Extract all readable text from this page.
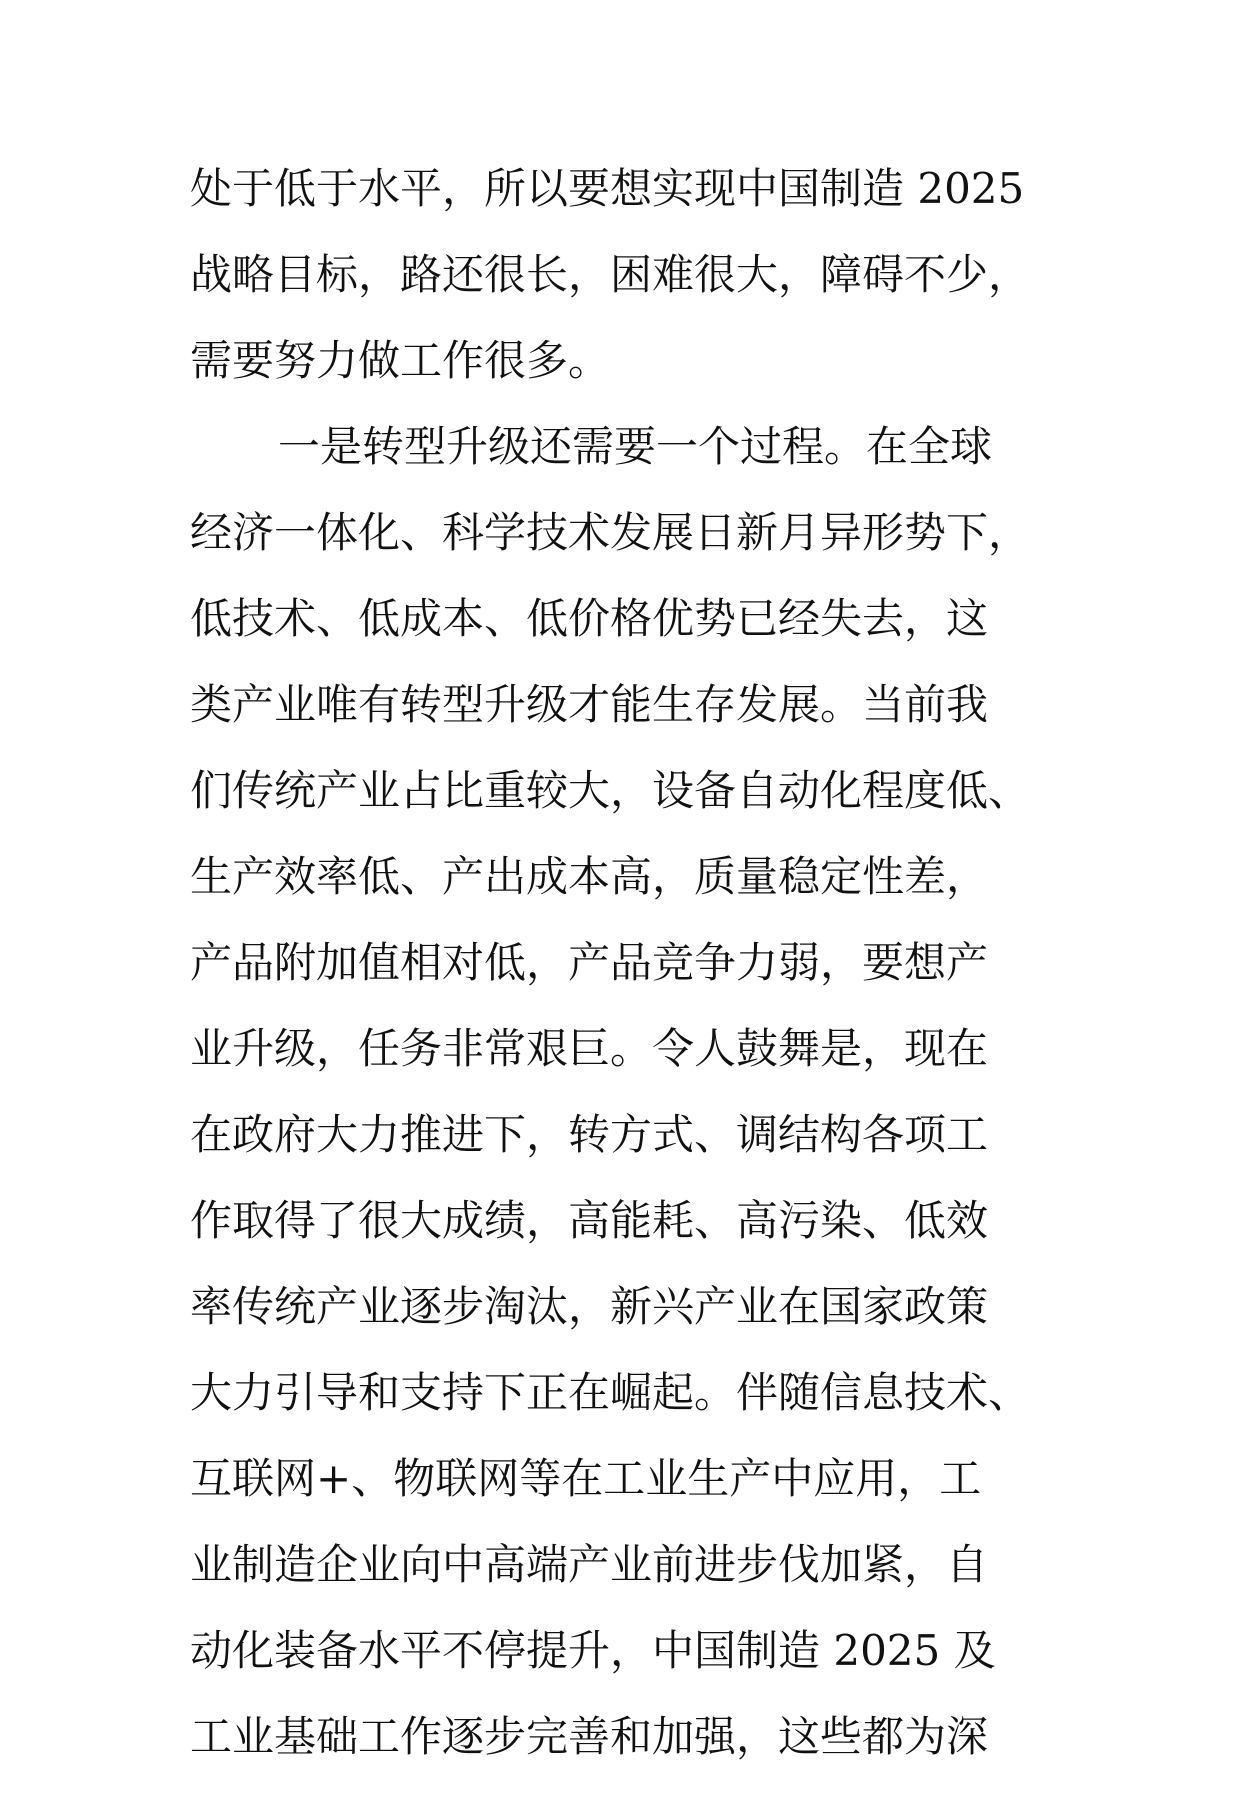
处于低于水平，所以要想实现中国制造 2025
战略目标，路还很长，困难很大，障碍不少，
需要努力做工作很多。
一是转型升级还需要一个过程。在全球
经济一体化、科学技术发展日新月异形势下，
低技术、低成本、低价格优势已经失去，这
类产业唯有转型升级才能生存发展。当前我
们传统产业占比重较大，设备自动化程度低、
生产效率低、产出成本高，质量稳定性差，
产品附加值相对低，产品竞争力弱，要想产
业升级，任务非常艰巨。令人鼓舞是，现在
在政府大力推进下，转方式、调结构各项工
作取得了很大成绩，高能耗、高污染、低效
率传统产业逐步淘汰，新兴产业在国家政策
大力引导和支持下正在崛起。伴随信息技术、
互联网+、物联网等在工业生产中应用，工
业制造企业向中高端产业前进步伐加紧，自
动化装备水平不停提升，中国制造 2025 及
工业基础工作逐步完善和加强，这些都为深
